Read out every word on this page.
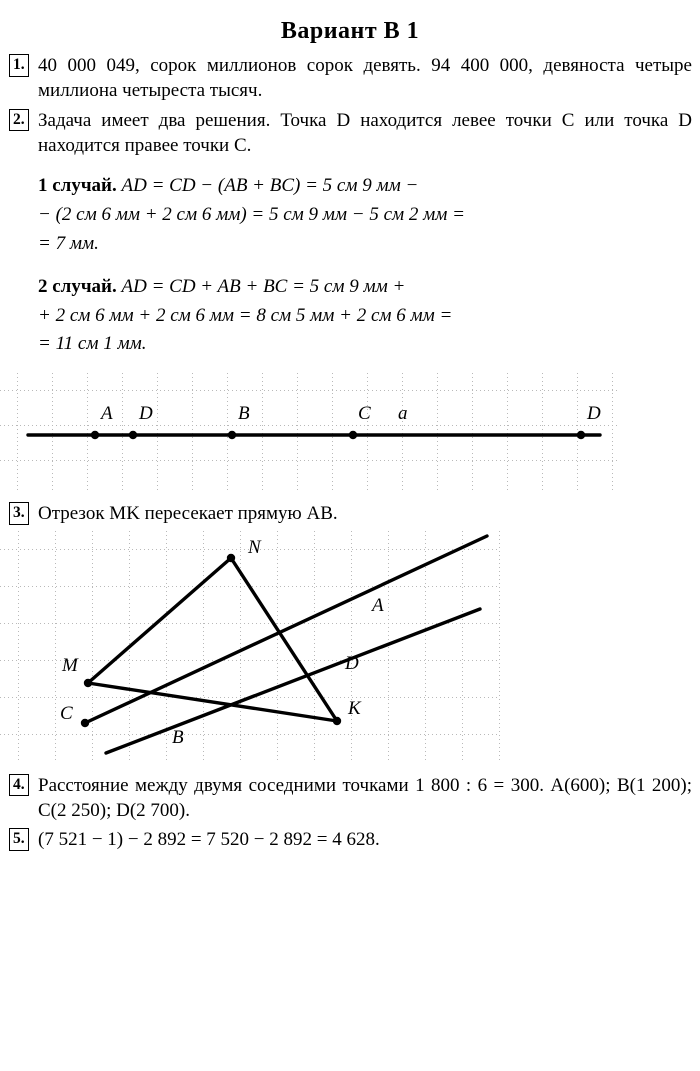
Вариант В 1
1. 40 000 049, сорок миллионов сорок девять. 94 400 000, девяноста четыре миллиона четыреста тысяч.
2. Задача имеет два решения. Точка D находится левее точки C или точка D находится правее точки C.
1 случай. AD = CD − (AB + BC) = 5 см 9 мм −
− (2 см 6 мм + 2 см 6 мм) = 5 см 9 мм − 5 см 2 мм =
= 7 мм.
2 случай. AD = CD + AB + BC = 5 см 9 мм +
+ 2 см 6 мм + 2 см 6 мм = 8 см 5 мм + 2 см 6 мм =
= 11 см 1 мм.
A D	B	C	D
a
3. Отрезок MK пересекает прямую AB.
N
A
M	D
C	K
B
4. Расстояние между двумя соседними точками 1 800 : 6 = 300. A(600); B(1 200); C(2 250); D(2 700).
5. (7 521 − 1) − 2 892 = 7 520 − 2 892 = 4 628.
